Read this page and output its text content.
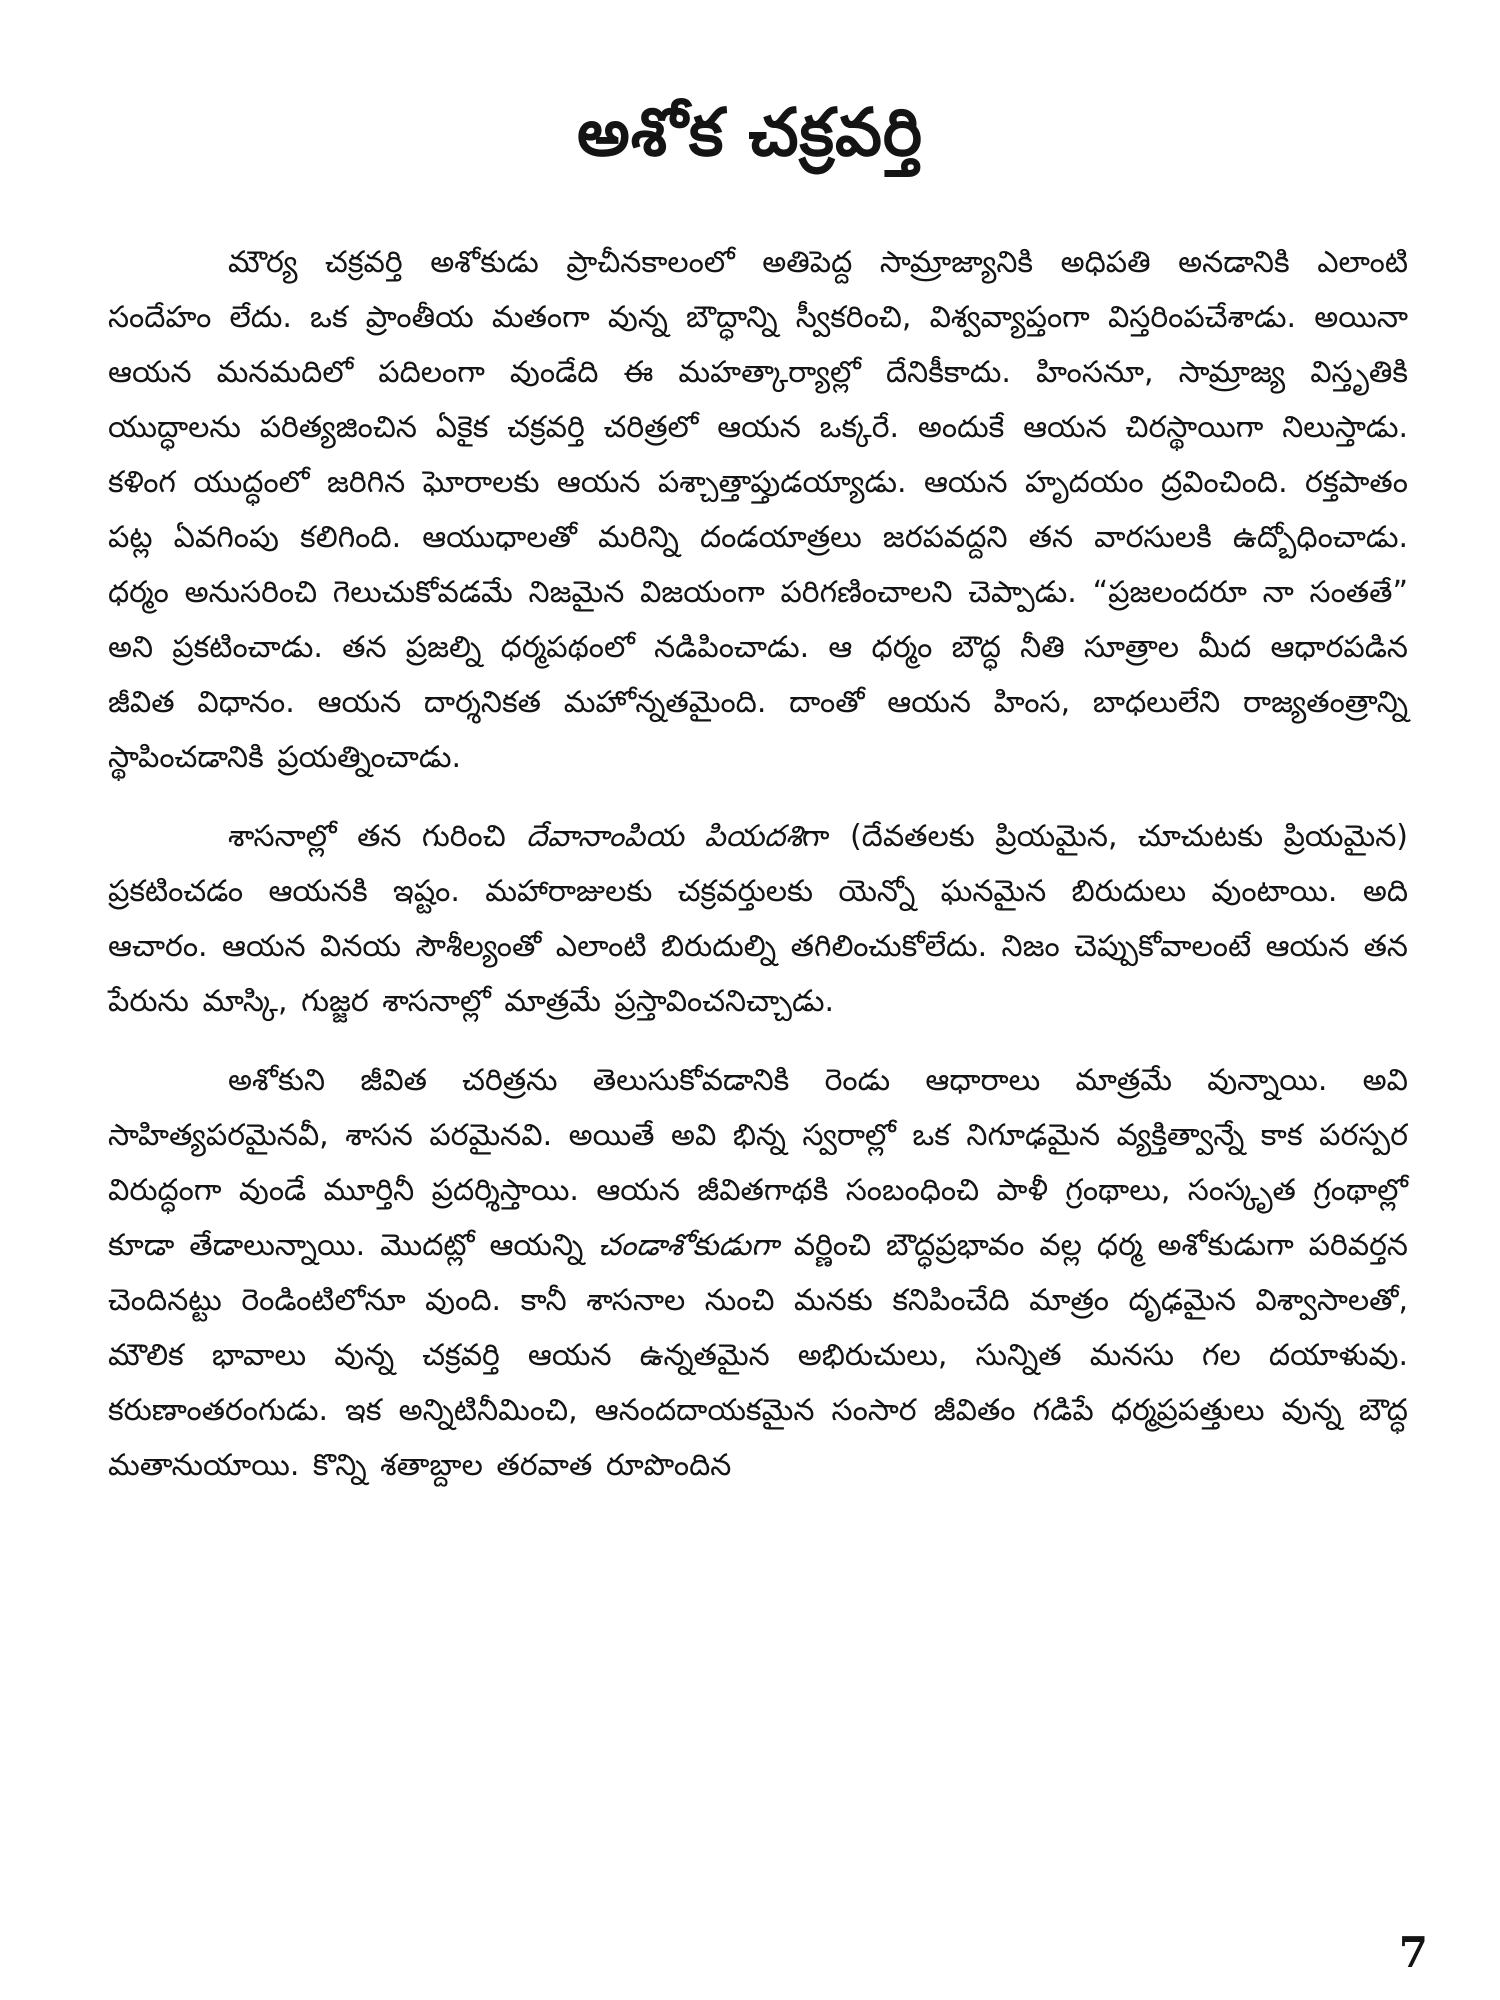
అశోక చక్రవర్తి

మౌర్య చక్రవర్తి అశోకుడు ప్రాచీనకాలంలో అతిపెద్ద సామ్రాజ్యానికి అధిపతి అనడానికి ఎలాంటి సందేహం లేదు. ఒక ప్రాంతీయ మతంగా వున్న బౌద్ధాన్ని స్వీకరించి, విశ్వవ్యాప్తంగా విస్తరింపచేశాడు. అయినా ఆయన మనమదిలో పదిలంగా వుండేది ఈ మహత్కార్యాల్లో దేనికీకాదు. హింసనూ, సామ్రాజ్య విస్తృతికి యుద్ధాలను పరిత్యజించిన ఏకైక చక్రవర్తి చరిత్రలో ఆయన ఒక్కరే. అందుకే ఆయన చిరస్థాయిగా నిలుస్తాడు. కళింగ యుద్ధంలో జరిగిన ఘోరాలకు ఆయన పశ్చాత్తాప్తుడయ్యాడు. ఆయన హృదయం ద్రవించింది. రక్తపాతం పట్ల ఏవగింపు కలిగింది. ఆయుధాలతో మరిన్ని దండయాత్రలు జరపవద్దని తన వారసులకి ఉద్బోధించాడు. ధర్మం అనుసరించి గెలుచుకోవడమే నిజమైన విజయంగా పరిగణించాలని చెప్పాడు. “ప్రజలందరూ నా సంతతే” అని ప్రకటించాడు. తన ప్రజల్ని ధర్మపథంలో నడిపించాడు. ఆ ధర్మం బౌద్ధ నీతి సూత్రాల మీద ఆధారపడిన జీవిత విధానం. ఆయన దార్శనికత మహోన్నతమైంది. దాంతో ఆయన హింస, బాధలులేని రాజ్యతంత్రాన్ని స్థాపించడానికి ప్రయత్నించాడు.

శాసనాల్లో తన గురించి దేవానాంపియ పియదశిగా (దేవతలకు ప్రియమైన, చూచుటకు ప్రియమైన) ప్రకటించడం ఆయనకి ఇష్టం. మహారాజులకు చక్రవర్తులకు యెన్నో ఘనమైన బిరుదులు వుంటాయి. అది ఆచారం. ఆయన వినయ సౌశీల్యంతో ఎలాంటి బిరుదుల్ని తగిలించుకోలేదు. నిజం చెప్పుకోవాలంటే ఆయన తన పేరును మాస్కి, గుజ్జర శాసనాల్లో మాత్రమే ప్రస్తావించనిచ్చాడు.

అశోకుని జీవిత చరిత్రను తెలుసుకోవడానికి రెండు ఆధారాలు మాత్రమే వున్నాయి. అవి సాహిత్యపరమైనవీ, శాసన పరమైనవి. అయితే అవి భిన్న స్వరాల్లో ఒక నిగూఢమైన వ్యక్తిత్వాన్నే కాక పరస్పర విరుద్ధంగా వుండే మూర్తినీ ప్రదర్శిస్తాయి. ఆయన జీవితగాథకి సంబంధించి పాళీ గ్రంథాలు, సంస్కృత గ్రంథాల్లో కూడా తేడాలున్నాయి. మొదట్లో ఆయన్ని చండాశోకుడుగా వర్ణించి బౌద్ధప్రభావం వల్ల ధర్మ అశోకుడుగా పరివర్తన చెందినట్టు రెండింటిలోనూ వుంది. కానీ శాసనాల నుంచి మనకు కనిపించేది మాత్రం దృఢమైన విశ్వాసాలతో, మౌలిక భావాలు వున్న చక్రవర్తి ఆయన ఉన్నతమైన అభిరుచులు, సున్నిత మనసు గల దయాళువు. కరుణాంతరంగుడు. ఇక అన్నిటినీమించి, ఆనందదాయకమైన సంసార జీవితం గడిపే ధర్మప్రపత్తులు వున్న బౌద్ధ మతానుయాయి. కొన్ని శతాబ్దాల తరవాత రూపొందిన

7
